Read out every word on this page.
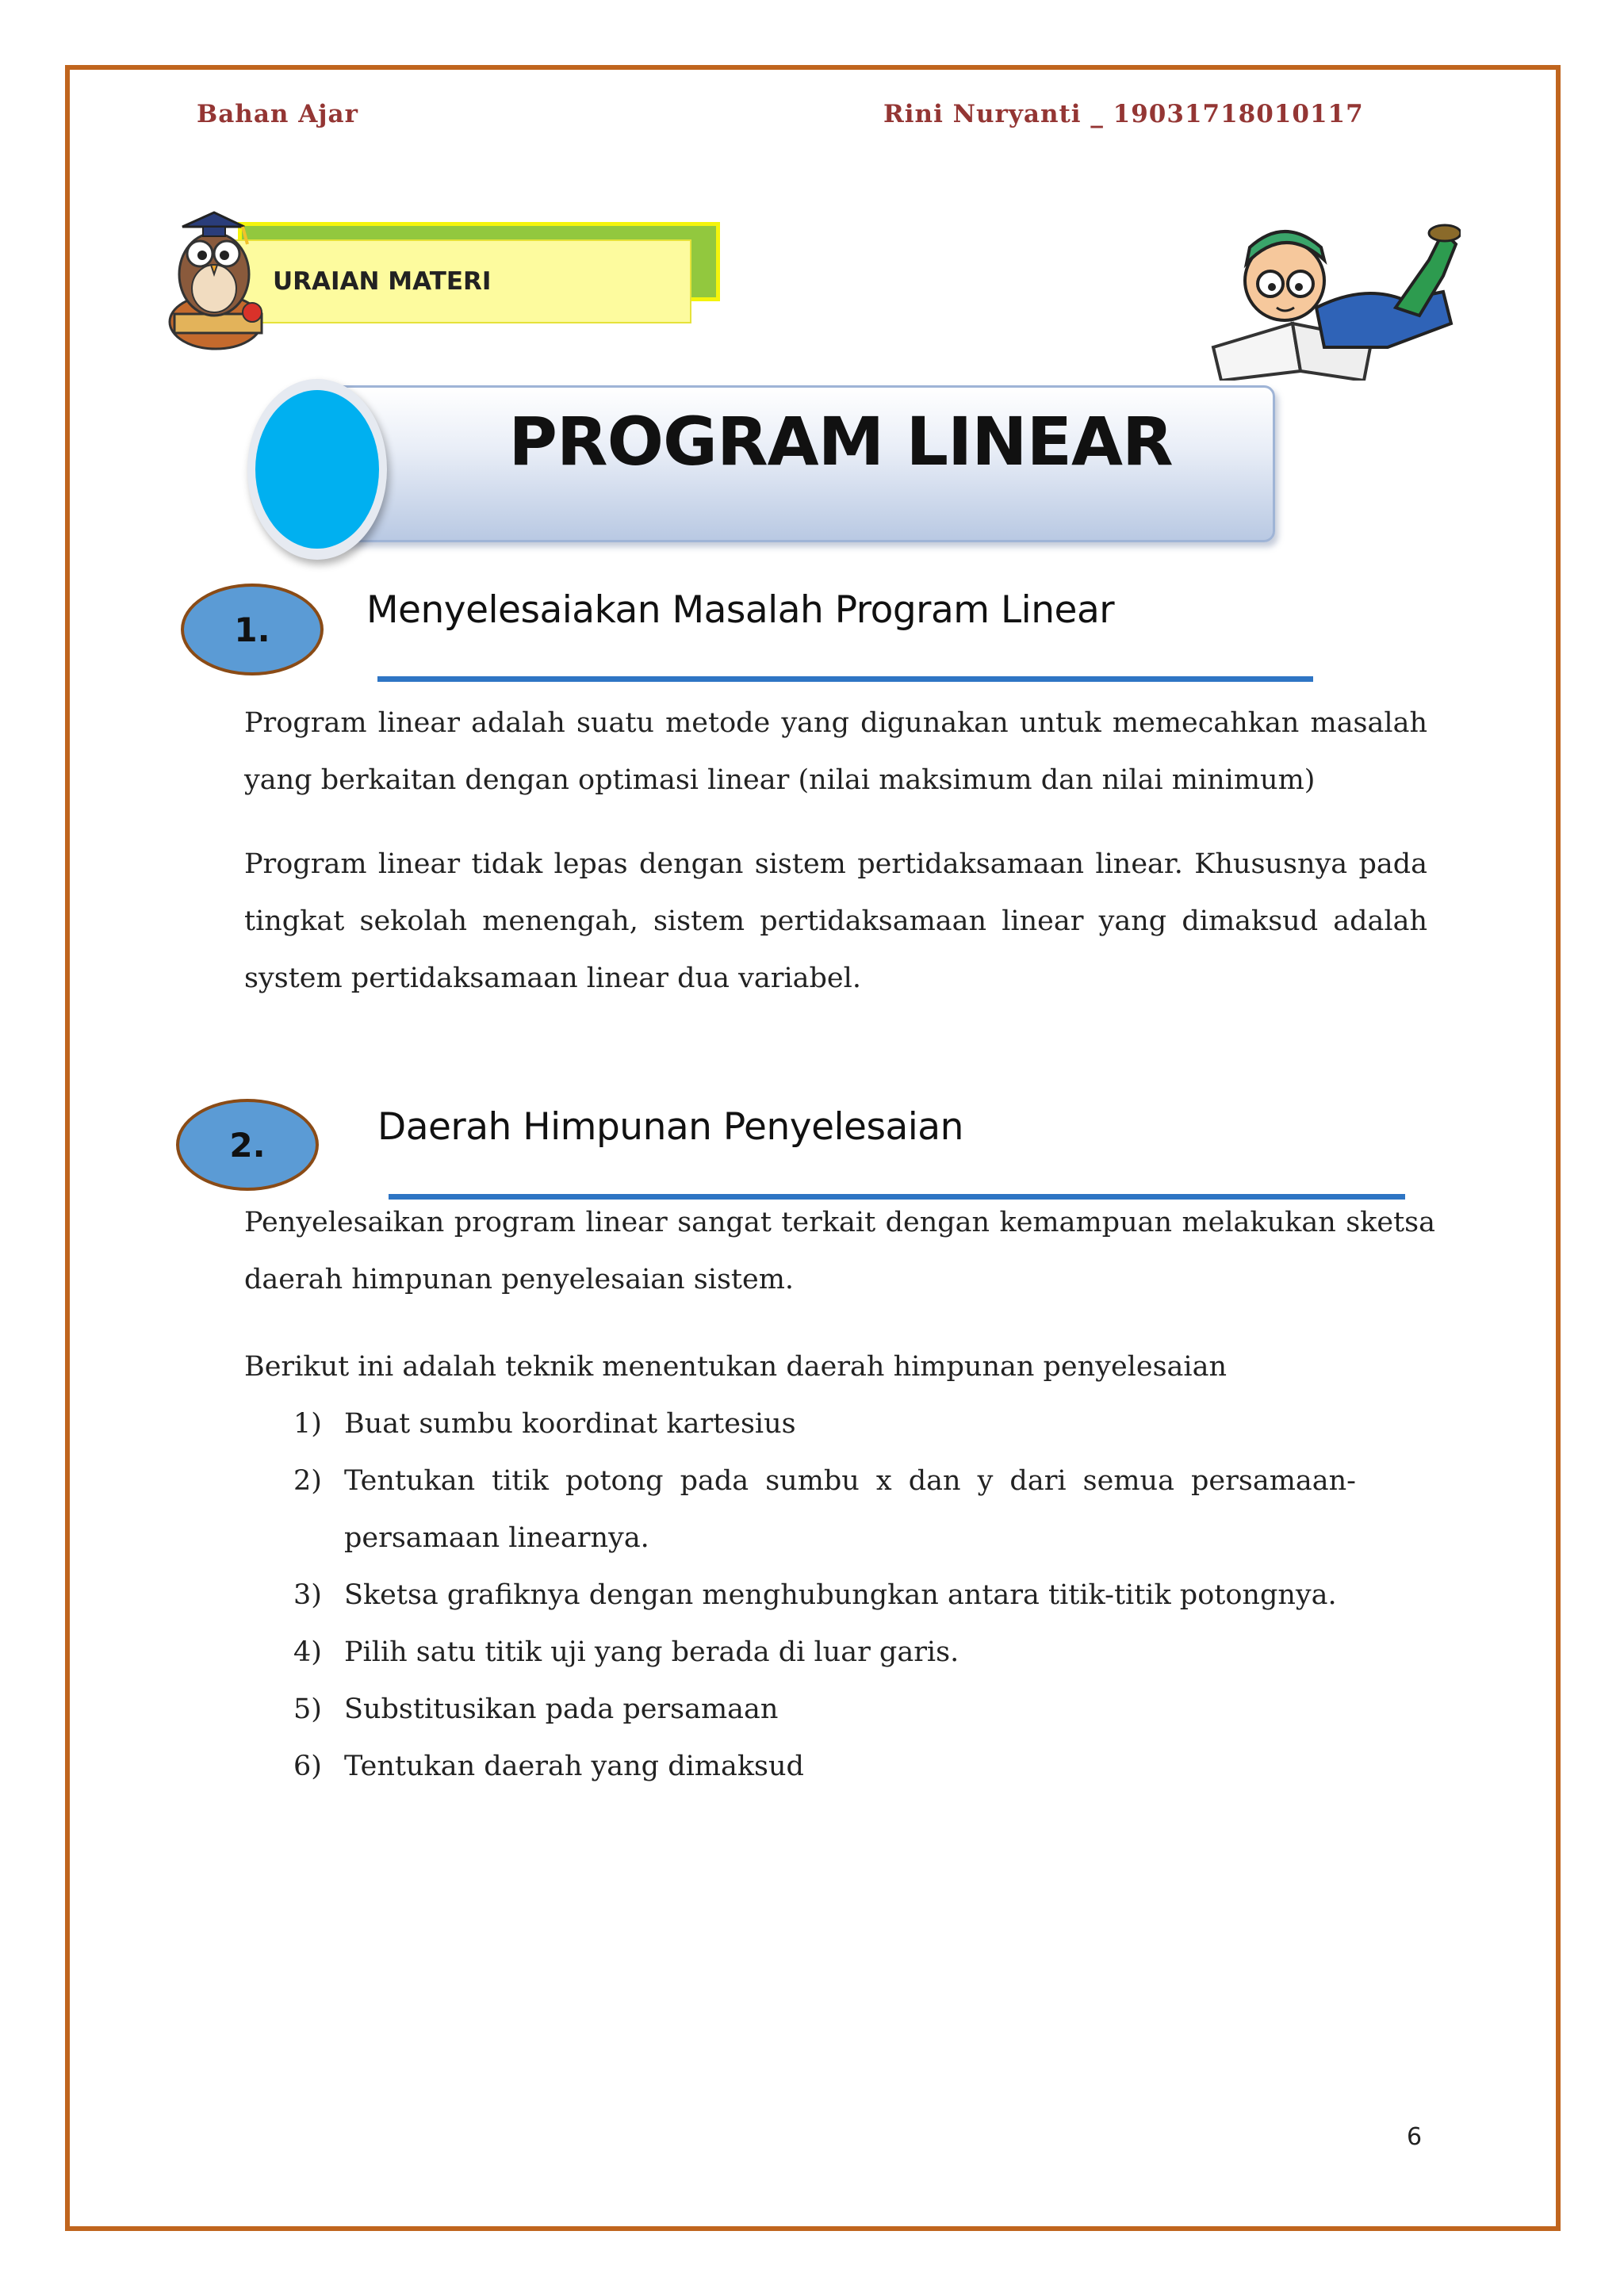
Bahan Ajar	Rini Nuryanti _ 19031718010117
URAIAN MATERI
PROGRAM LINEAR
1.	Menyelesaiakan Masalah Program Linear
Program linear adalah suatu metode yang digunakan untuk memecahkan masalah yang berkaitan dengan optimasi linear (nilai maksimum dan nilai minimum)
Program linear tidak lepas dengan sistem pertidaksamaan linear. Khususnya pada tingkat sekolah menengah, sistem pertidaksamaan linear yang dimaksud adalah system pertidaksamaan linear dua variabel.
2.	Daerah Himpunan Penyelesaian
Penyelesaikan program linear sangat terkait dengan kemampuan melakukan sketsa daerah himpunan penyelesaian sistem.
Berikut ini adalah teknik menentukan daerah himpunan penyelesaian
1) Buat sumbu koordinat kartesius
2) Tentukan titik potong pada sumbu x dan y dari semua persamaan-persamaan linearnya.
3) Sketsa grafiknya dengan menghubungkan antara titik-titik potongnya.
4) Pilih satu titik uji yang berada di luar garis.
5) Substitusikan pada persamaan
6) Tentukan daerah yang dimaksud
6
